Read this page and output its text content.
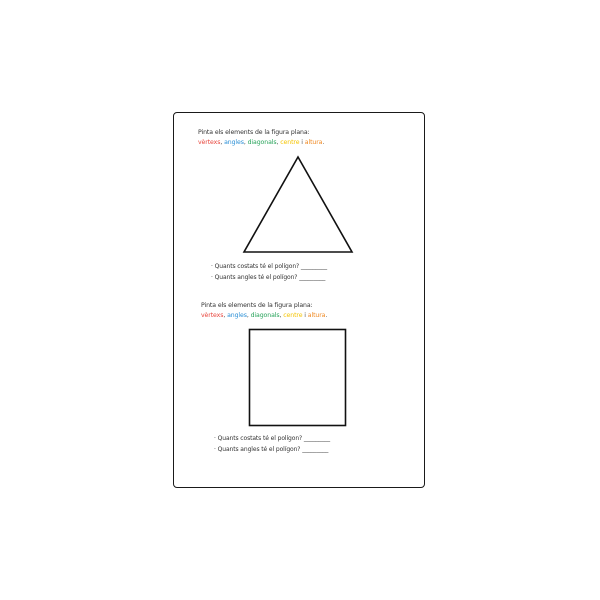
Pinta els elements de la figura plana:
vèrtexs, angles, diagonals, centre i altura.
· Quants costats té el polígon? _________
· Quants angles té el polígon? _________
Pinta els elements de la figura plana:
vèrtexs, angles, diagonals, centre i altura.
· Quants costats té el polígon? _________
· Quants angles té el polígon? _________
